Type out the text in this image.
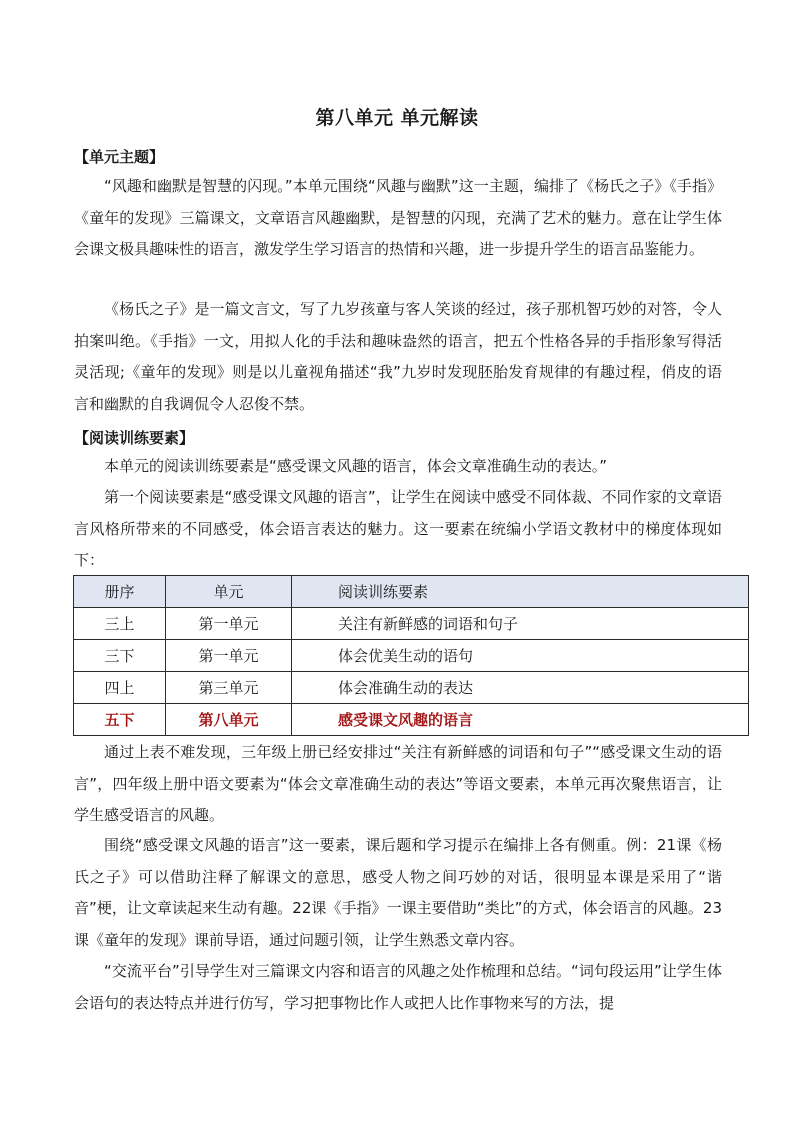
第八单元 单元解读
【单元主题】

“风趣和幽默是智慧的闪现。”本单元围绕“风趣与幽默”这一主题，编排了《杨氏之子》《手指》《童年的发现》三篇课文，文章语言风趣幽默，是智慧的闪现，充满了艺术的魅力。意在让学生体会课文极具趣味性的语言，激发学生学习语言的热情和兴趣，进一步提升学生的语言品鉴能力。

《杨氏之子》是一篇文言文，写了九岁孩童与客人笑谈的经过，孩子那机智巧妙的对答，令人拍案叫绝。《手指》一文，用拟人化的手法和趣味盎然的语言，把五个性格各异的手指形象写得活灵活现;《童年的发现》则是以儿童视角描述“我”九岁时发现胚胎发育规律的有趣过程，俏皮的语言和幽默的自我调侃令人忍俊不禁。

【阅读训练要素】

本单元的阅读训练要素是“感受课文风趣的语言，体会文章准确生动的表达。”

第一个阅读要素是“感受课文风趣的语言”，让学生在阅读中感受不同体裁、不同作家的文章语言风格所带来的不同感受，体会语言表达的魅力。这一要素在统编小学语文教材中的梯度体现如下：

册序	单元	阅读训练要素
三上	第一单元	关注有新鲜感的词语和句子
三下	第一单元	体会优美生动的语句
四上	第三单元	体会准确生动的表达
五下	第八单元	感受课文风趣的语言

通过上表不难发现，三年级上册已经安排过“关注有新鲜感的词语和句子”“感受课文生动的语言”，四年级上册中语文要素为“体会文章准确生动的表达”等语文要素，本单元再次聚焦语言，让学生感受语言的风趣。

围绕“感受课文风趣的语言”这一要素，课后题和学习提示在编排上各有侧重。例：21课《杨氏之子》可以借助注释了解课文的意思，感受人物之间巧妙的对话，很明显本课是采用了“谐音”梗，让文章读起来生动有趣。22课《手指》一课主要借助“类比”的方式，体会语言的风趣。23课《童年的发现》课前导语，通过问题引领，让学生熟悉文章内容。

“交流平台”引导学生对三篇课文内容和语言的风趣之处作梳理和总结。“词句段运用”让学生体会语句的表达特点并进行仿写，学习把事物比作人或把人比作事物来写的方法，提
